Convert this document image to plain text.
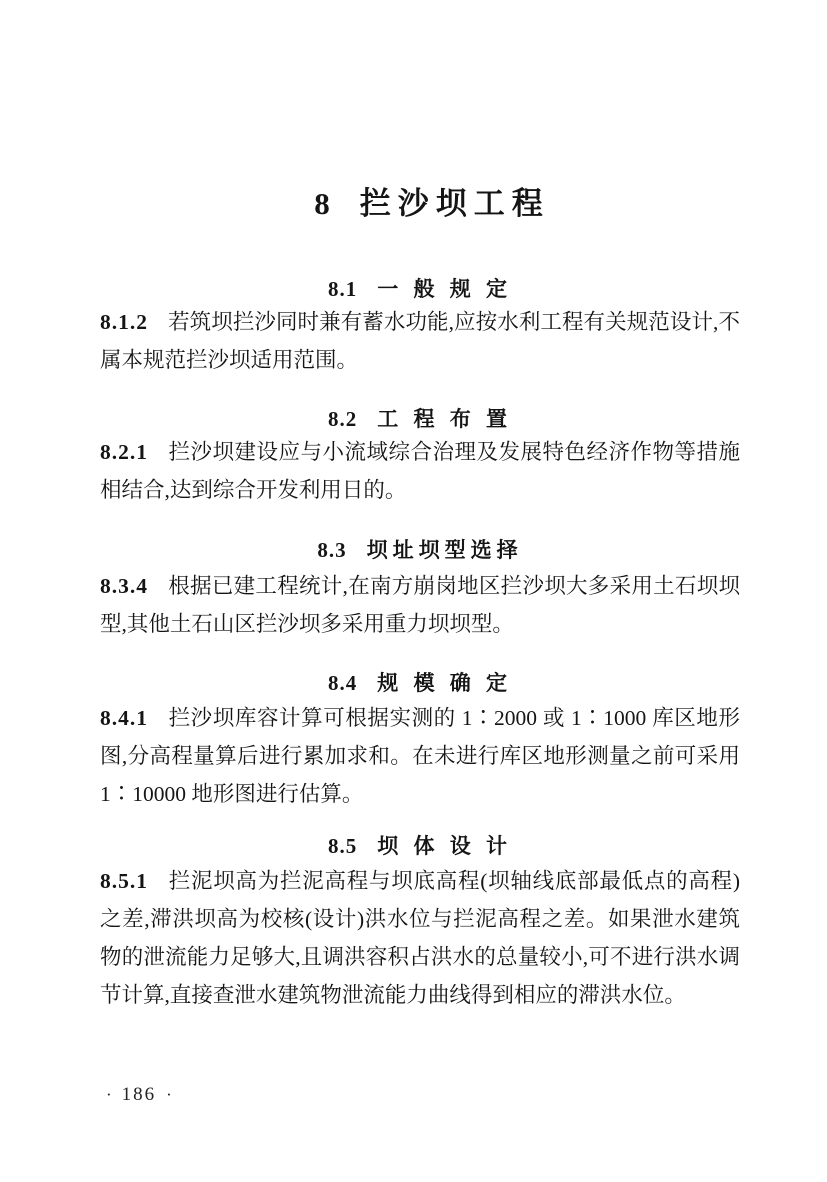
8 拦沙坝工程
8.1 一 般 规 定

8.1.2 若筑坝拦沙同时兼有蓄水功能,应按水利工程有关规范设计,不属本规范拦沙坝适用范围。

8.2 工 程 布 置

8.2.1 拦沙坝建设应与小流域综合治理及发展特色经济作物等措施相结合,达到综合开发利用日的。

8.3 坝址坝型选择

8.3.4 根据已建工程统计,在南方崩岗地区拦沙坝大多采用土石坝坝型,其他土石山区拦沙坝多采用重力坝坝型。

8.4 规 模 确 定

8.4.1 拦沙坝库容计算可根据实测的 1∶2000 或 1∶1000 库区地形图,分高程量算后进行累加求和。在未进行库区地形测量之前可采用 1∶10000 地形图进行估算。

8.5 坝 体 设 计

8.5.1 拦泥坝高为拦泥高程与坝底高程(坝轴线底部最低点的高程)之差,滞洪坝高为校核(设计)洪水位与拦泥高程之差。如果泄水建筑物的泄流能力足够大,且调洪容积占洪水的总量较小,可不进行洪水调节计算,直接查泄水建筑物泄流能力曲线得到相应的滞洪水位。

· 186 ·
